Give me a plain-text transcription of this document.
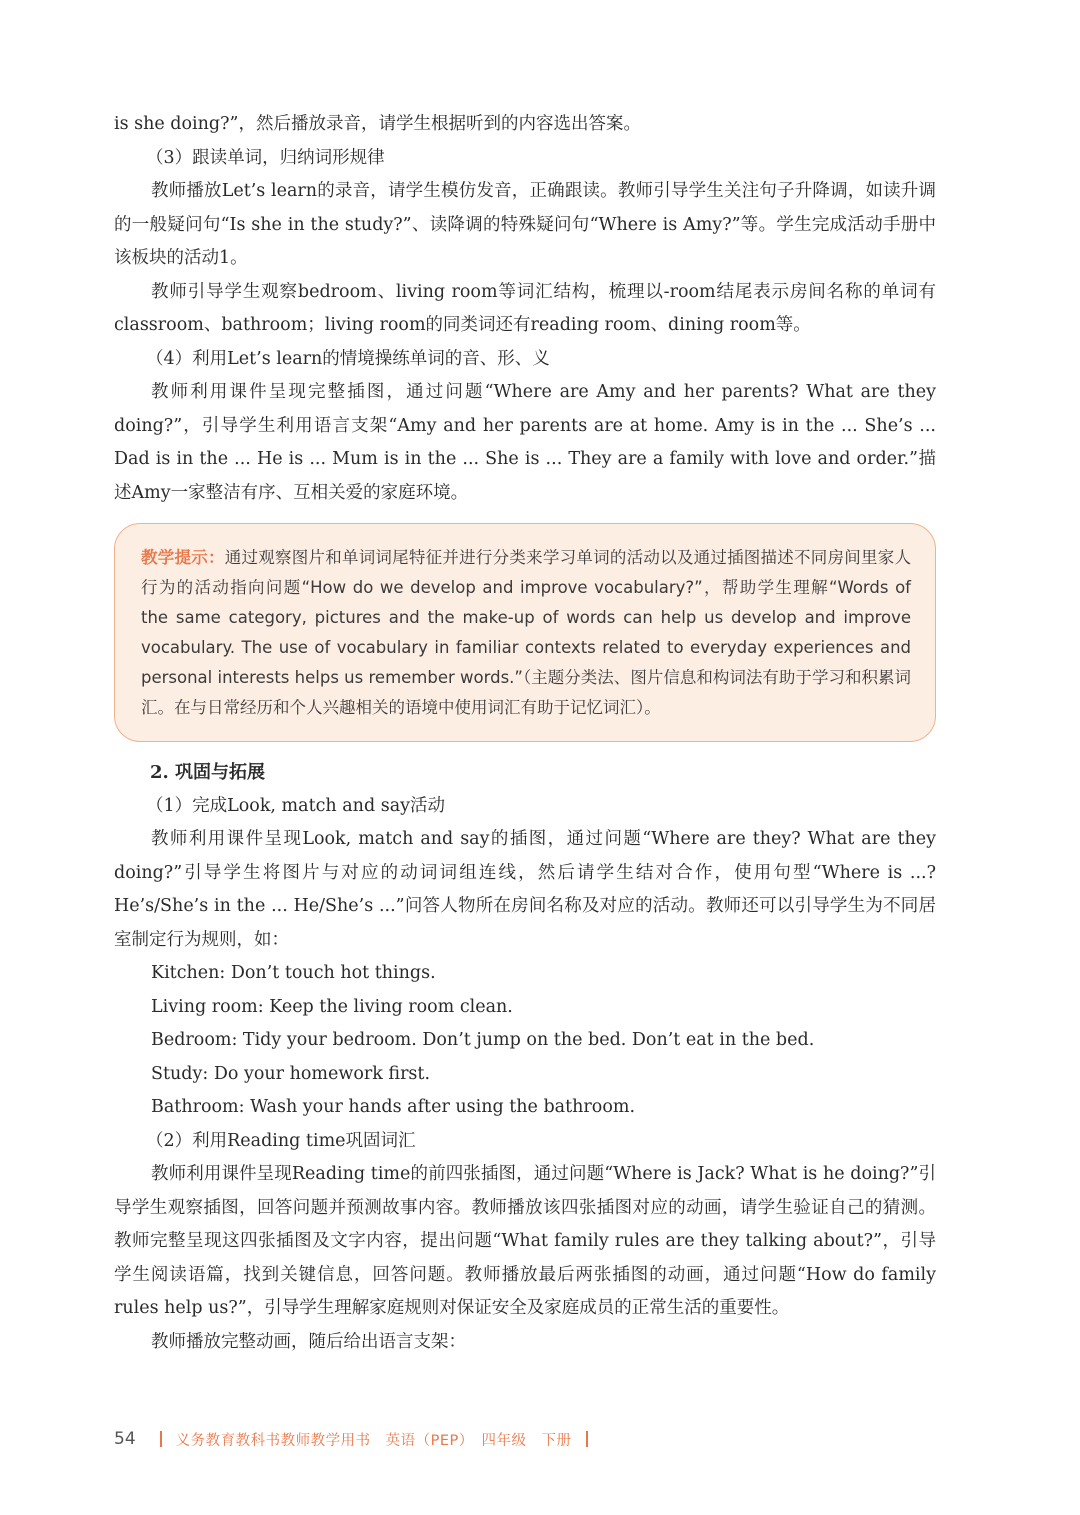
is she doing?”，然后播放录音，请学生根据听到的内容选出答案。

（3）跟读单词，归纳词形规律

教师播放Let’s learn的录音，请学生模仿发音，正确跟读。教师引导学生关注句子升降调，如读升调的一般疑问句“Is she in the study?”、读降调的特殊疑问句“Where is Amy?”等。学生完成活动手册中该板块的活动1。

教师引导学生观察bedroom、living room等词汇结构，梳理以-room结尾表示房间名称的单词有classroom、bathroom；living room的同类词还有reading room、dining room等。

（4）利用Let’s learn的情境操练单词的音、形、义

教师利用课件呈现完整插图，通过问题“Where are Amy and her parents? What are they doing?”，引导学生利用语言支架“Amy and her parents are at home. Amy is in the ... She’s ... Dad is in the ... He is ... Mum is in the ... She is ... They are a family with love and order.”描述Amy一家整洁有序、互相关爱的家庭环境。

教学提示：通过观察图片和单词词尾特征并进行分类来学习单词的活动以及通过插图描述不同房间里家人行为的活动指向问题“How do we develop and improve vocabulary?”，帮助学生理解“Words of the same category, pictures and the make-up of words can help us develop and improve vocabulary. The use of vocabulary in familiar contexts related to everyday experiences and personal interests helps us remember words.”（主题分类法、图片信息和构词法有助于学习和积累词汇。在与日常经历和个人兴趣相关的语境中使用词汇有助于记忆词汇）。

2. 巩固与拓展

（1）完成Look, match and say活动

教师利用课件呈现Look, match and say的插图，通过问题“Where are they? What are they doing?”引导学生将图片与对应的动词词组连线，然后请学生结对合作，使用句型“Where is ...? He’s/She’s in the ... He/She’s ...”问答人物所在房间名称及对应的活动。教师还可以引导学生为不同居室制定行为规则，如：

Kitchen: Don’t touch hot things.

Living room: Keep the living room clean.

Bedroom: Tidy your bedroom. Don’t jump on the bed. Don’t eat in the bed.

Study: Do your homework first.

Bathroom: Wash your hands after using the bathroom.

（2）利用Reading time巩固词汇

教师利用课件呈现Reading time的前四张插图，通过问题“Where is Jack? What is he doing?”引导学生观察插图，回答问题并预测故事内容。教师播放该四张插图对应的动画，请学生验证自己的猜测。教师完整呈现这四张插图及文字内容，提出问题“What family rules are they talking about?”，引导学生阅读语篇，找到关键信息，回答问题。教师播放最后两张插图的动画，通过问题“How do family rules help us?”，引导学生理解家庭规则对保证安全及家庭成员的正常生活的重要性。

教师播放完整动画，随后给出语言支架：

54	义务教育教科书教师教学用书　英语（PEP）　四年级　下册
